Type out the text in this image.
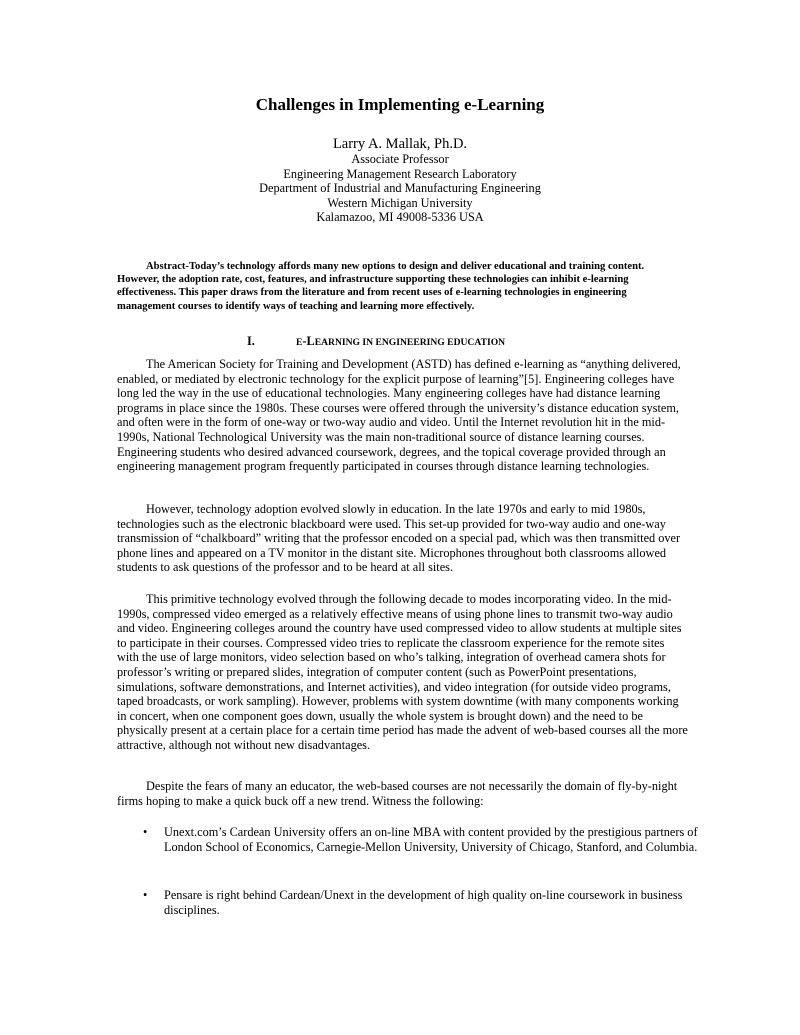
Challenges in Implementing e-Learning
Larry A. Mallak, Ph.D.
Associate Professor
Engineering Management Research Laboratory
Department of Industrial and Manufacturing Engineering
Western Michigan University
Kalamazoo, MI 49008-5336 USA
Abstract-Today’s technology affords many new options to design and deliver educational and training content. However, the adoption rate, cost, features, and infrastructure supporting these technologies can inhibit e-learning effectiveness. This paper draws from the literature and from recent uses of e-learning technologies in engineering management courses to identify ways of teaching and learning more effectively.
I.	E-LEARNING IN ENGINEERING EDUCATION
The American Society for Training and Development (ASTD) has defined e-learning as “anything delivered, enabled, or mediated by electronic technology for the explicit purpose of learning”[5]. Engineering colleges have long led the way in the use of educational technologies. Many engineering colleges have had distance learning programs in place since the 1980s. These courses were offered through the university’s distance education system, and often were in the form of one-way or two-way audio and video. Until the Internet revolution hit in the mid-1990s, National Technological University was the main non-traditional source of distance learning courses. Engineering students who desired advanced coursework, degrees, and the topical coverage provided through an engineering management program frequently participated in courses through distance learning technologies.
However, technology adoption evolved slowly in education. In the late 1970s and early to mid 1980s, technologies such as the electronic blackboard were used. This set-up provided for two-way audio and one-way transmission of “chalkboard” writing that the professor encoded on a special pad, which was then transmitted over phone lines and appeared on a TV monitor in the distant site. Microphones throughout both classrooms allowed students to ask questions of the professor and to be heard at all sites.
This primitive technology evolved through the following decade to modes incorporating video. In the mid-1990s, compressed video emerged as a relatively effective means of using phone lines to transmit two-way audio and video. Engineering colleges around the country have used compressed video to allow students at multiple sites to participate in their courses. Compressed video tries to replicate the classroom experience for the remote sites with the use of large monitors, video selection based on who’s talking, integration of overhead camera shots for professor’s writing or prepared slides, integration of computer content (such as PowerPoint presentations, simulations, software demonstrations, and Internet activities), and video integration (for outside video programs, taped broadcasts, or work sampling). However, problems with system downtime (with many components working in concert, when one component goes down, usually the whole system is brought down) and the need to be physically present at a certain place for a certain time period has made the advent of web-based courses all the more attractive, although not without new disadvantages.
Despite the fears of many an educator, the web-based courses are not necessarily the domain of fly-by-night firms hoping to make a quick buck off a new trend. Witness the following:
• Unext.com’s Cardean University offers an on-line MBA with content provided by the prestigious partners of London School of Economics, Carnegie-Mellon University, University of Chicago, Stanford, and Columbia.
• Pensare is right behind Cardean/Unext in the development of high quality on-line coursework in business disciplines.
